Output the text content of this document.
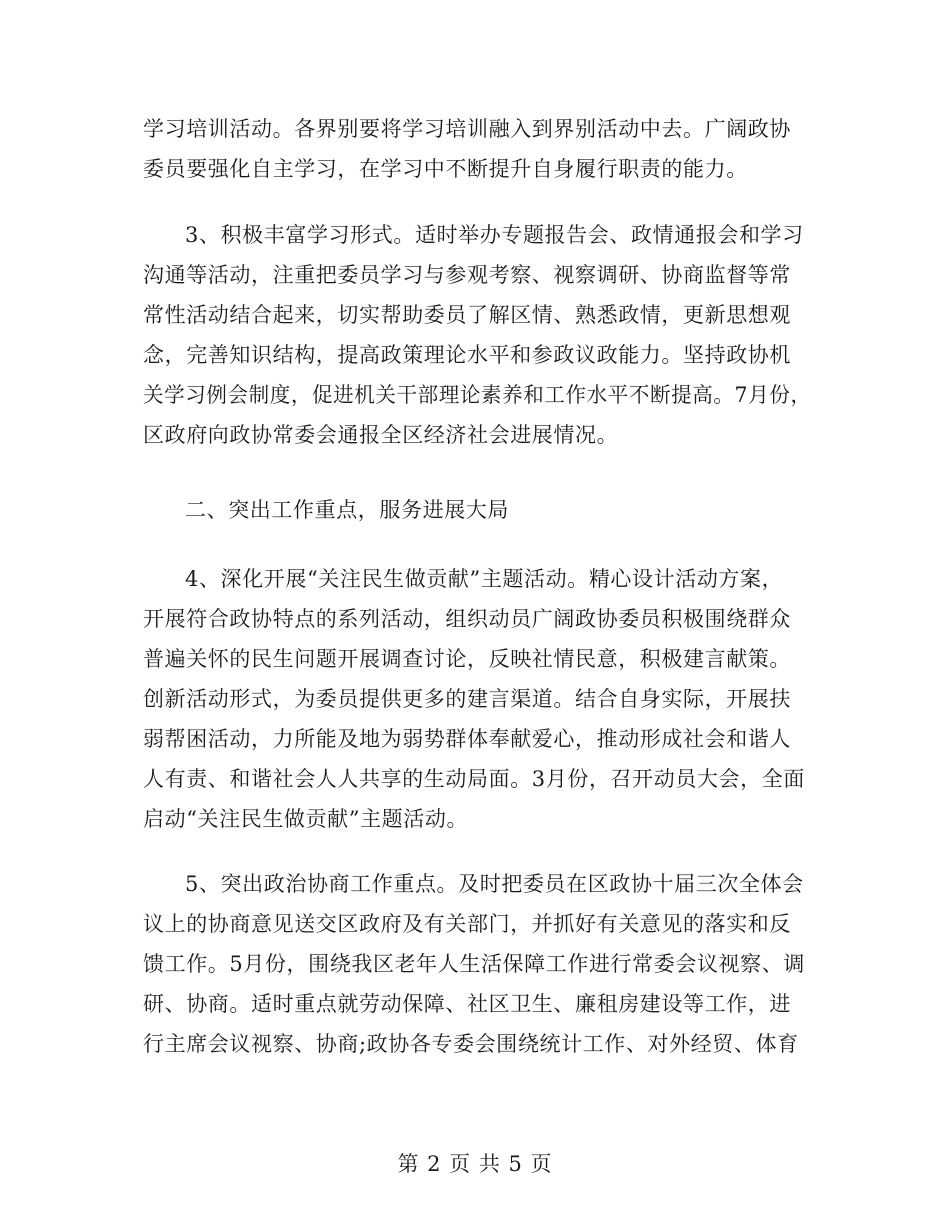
学习培训活动。各界别要将学习培训融入到界别活动中去。广阔政协
委员要强化自主学习，在学习中不断提升自身履行职责的能力。
3、积极丰富学习形式。适时举办专题报告会、政情通报会和学习
沟通等活动，注重把委员学习与参观考察、视察调研、协商监督等常
常性活动结合起来，切实帮助委员了解区情、熟悉政情，更新思想观
念，完善知识结构，提高政策理论水平和参政议政能力。坚持政协机
关学习例会制度，促进机关干部理论素养和工作水平不断提高。7月份，
区政府向政协常委会通报全区经济社会进展情况。
二、突出工作重点，服务进展大局
4、深化开展“关注民生做贡献”主题活动。精心设计活动方案，
开展符合政协特点的系列活动，组织动员广阔政协委员积极围绕群众
普遍关怀的民生问题开展调查讨论，反映社情民意，积极建言献策。
创新活动形式，为委员提供更多的建言渠道。结合自身实际，开展扶
弱帮困活动，力所能及地为弱势群体奉献爱心，推动形成社会和谐人
人有责、和谐社会人人共享的生动局面。3月份，召开动员大会，全面
启动“关注民生做贡献”主题活动。
5、突出政治协商工作重点。及时把委员在区政协十届三次全体会
议上的协商意见送交区政府及有关部门，并抓好有关意见的落实和反
馈工作。5月份，围绕我区老年人生活保障工作进行常委会议视察、调
研、协商。适时重点就劳动保障、社区卫生、廉租房建设等工作，进
行主席会议视察、协商;政协各专委会围绕统计工作、对外经贸、体育
第 2 页 共 5 页
